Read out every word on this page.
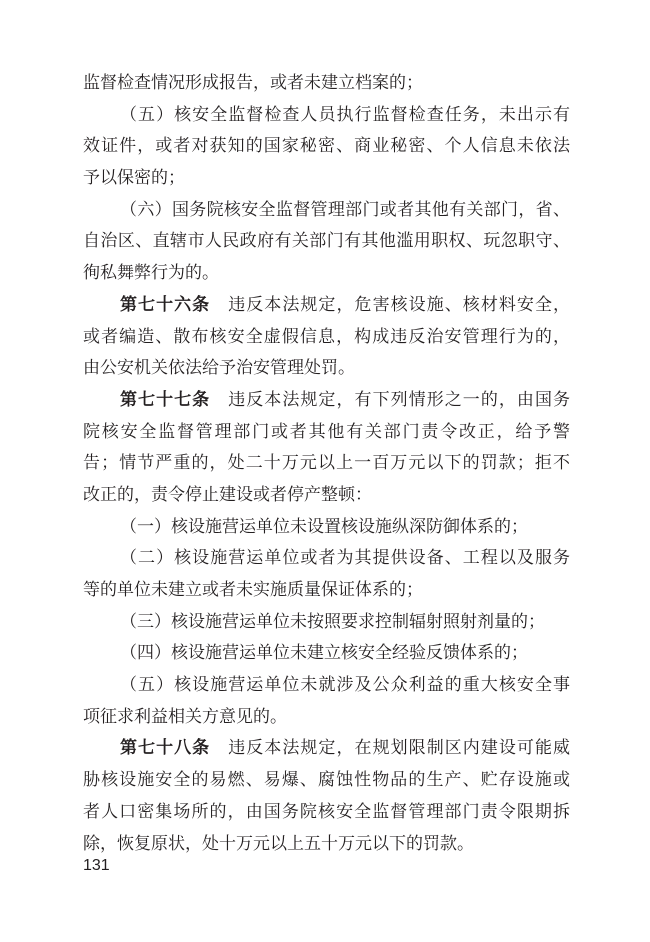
监督检查情况形成报告，或者未建立档案的；
（五）核安全监督检查人员执行监督检查任务，未出示有
效证件，或者对获知的国家秘密、商业秘密、个人信息未依法
予以保密的；
（六）国务院核安全监督管理部门或者其他有关部门，省、
自治区、直辖市人民政府有关部门有其他滥用职权、玩忽职守、
徇私舞弊行为的。
第七十六条 违反本法规定，危害核设施、核材料安全，
或者编造、散布核安全虚假信息，构成违反治安管理行为的，
由公安机关依法给予治安管理处罚。
第七十七条 违反本法规定，有下列情形之一的，由国务
院核安全监督管理部门或者其他有关部门责令改正，给予警
告；情节严重的，处二十万元以上一百万元以下的罚款；拒不
改正的，责令停止建设或者停产整顿：
（一）核设施营运单位未设置核设施纵深防御体系的；
（二）核设施营运单位或者为其提供设备、工程以及服务
等的单位未建立或者未实施质量保证体系的；
（三）核设施营运单位未按照要求控制辐射照射剂量的；
（四）核设施营运单位未建立核安全经验反馈体系的；
（五）核设施营运单位未就涉及公众利益的重大核安全事
项征求利益相关方意见的。
第七十八条 违反本法规定，在规划限制区内建设可能威
胁核设施安全的易燃、易爆、腐蚀性物品的生产、贮存设施或
者人口密集场所的，由国务院核安全监督管理部门责令限期拆
除，恢复原状，处十万元以上五十万元以下的罚款。
131
